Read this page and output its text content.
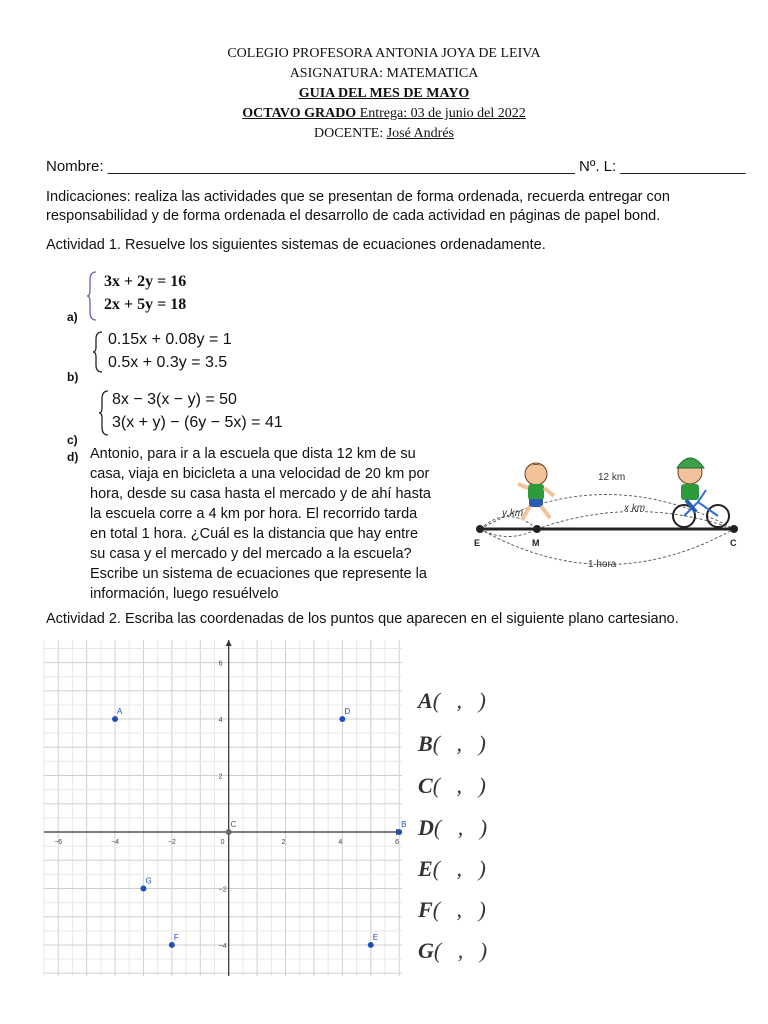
COLEGIO PROFESORA ANTONIA JOYA DE LEIVA
ASIGNATURA: MATEMATICA
GUIA DEL MES DE MAYO
OCTAVO GRADO Entrega: 03 de junio del 2022
DOCENTE: José Andrés
Nombre: ________________________________________________________ Nº. L: _______________
Indicaciones: realiza las actividades que se presentan de forma ordenada, recuerda entregar con
responsabilidad y de forma ordenada el desarrollo de cada actividad en páginas de papel bond.
Actividad 1. Resuelve los siguientes sistemas de ecuaciones ordenadamente.
3x + 2y = 16
2x + 5y = 18
a)
0.15x + 0.08y = 1
0.5x + 0.3y = 3.5
b)
8x − 3(x − y) = 50
3(x + y) − (6y − 5x) = 41
c)
d) Antonio, para ir a la escuela que dista 12 km de su
casa, viaja en bicicleta a una velocidad de 20 km por
hora, desde su casa hasta el mercado y de ahí hasta
la escuela corre a 4 km por hora. El recorrido tarda
en total 1 hora. ¿Cuál es la distancia que hay entre
su casa y el mercado y del mercado a la escuela?
Escribe un sistema de ecuaciones que represente la
información, luego resuélvelo
12 km
x km
y km
1 hora
E	M	C
Actividad 2. Escriba las coordenadas de los puntos que aparecen en el siguiente plano cartesiano.
−6	−4	−2	0	2	4	6
−4
−2
2
4
6
A
B
C
D
E
F
G
A(   ,   )
B(   ,   )
C(   ,   )
D(   ,   )
E(   ,   )
F(   ,   )
G(   ,   )
